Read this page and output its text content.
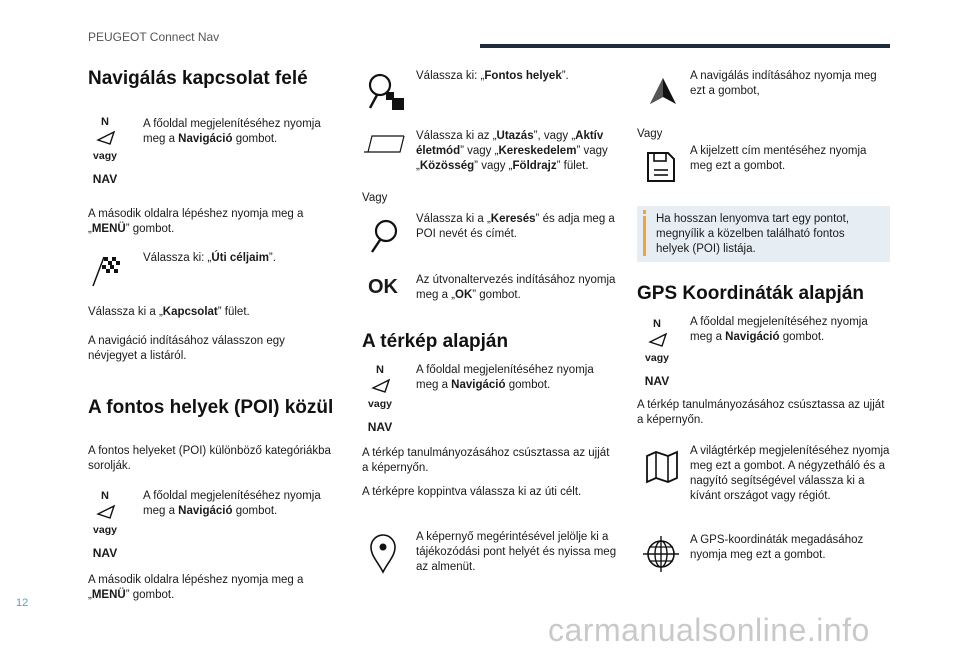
PEUGEOT Connect Nav
Navigálás kapcsolat felé
N
vagy
NAV
A főoldal megjelenítéséhez nyomja meg a Navigáció gombot.
A második oldalra lépéshez nyomja meg a „MENÜ” gombot.
Válassza ki: „Úti céljaim”.
Válassza ki a „Kapcsolat” fület.
A navigáció indításához válasszon egy névjegyet a listáról.
A fontos helyek (POI) közül
A fontos helyeket (POI) különböző kategóriákba sorolják.
N
vagy
NAV
A főoldal megjelenítéséhez nyomja meg a Navigáció gombot.
A második oldalra lépéshez nyomja meg a „MENÜ” gombot.
Válassza ki: „Fontos helyek”.
Válassza ki az „Utazás”, vagy „Aktív életmód” vagy „Kereskedelem” vagy „Közösség” vagy „Földrajz” fület.
Vagy
Válassza ki a „Keresés” és adja meg a POI nevét és címét.
OK Az útvonaltervezés indításához nyomja meg a „OK” gombot.
A térkép alapján
N
vagy
NAV
A főoldal megjelenítéséhez nyomja meg a Navigáció gombot.
A térkép tanulmányozásához csúsztassa az ujját a képernyőn.
A térképre koppintva válassza ki az úti célt.
A képernyő megérintésével jelölje ki a tájékozódási pont helyét és nyissa meg az almenüt.
A navigálás indításához nyomja meg ezt a gombot,
Vagy
A kijelzett cím mentéséhez nyomja meg ezt a gombot.
Ha hosszan lenyomva tart egy pontot, megnyílik a közelben található fontos helyek (POI) listája.
GPS Koordináták alapján
N
vagy
NAV
A főoldal megjelenítéséhez nyomja meg a Navigáció gombot.
A térkép tanulmányozásához csúsztassa az ujját a képernyőn.
A világtérkép megjelenítéséhez nyomja meg ezt a gombot. A négyzetháló és a nagyító segítségével válassza ki a kívánt országot vagy régiót.
A GPS-koordináták megadásához nyomja meg ezt a gombot.
12
carmanualsonline.info
